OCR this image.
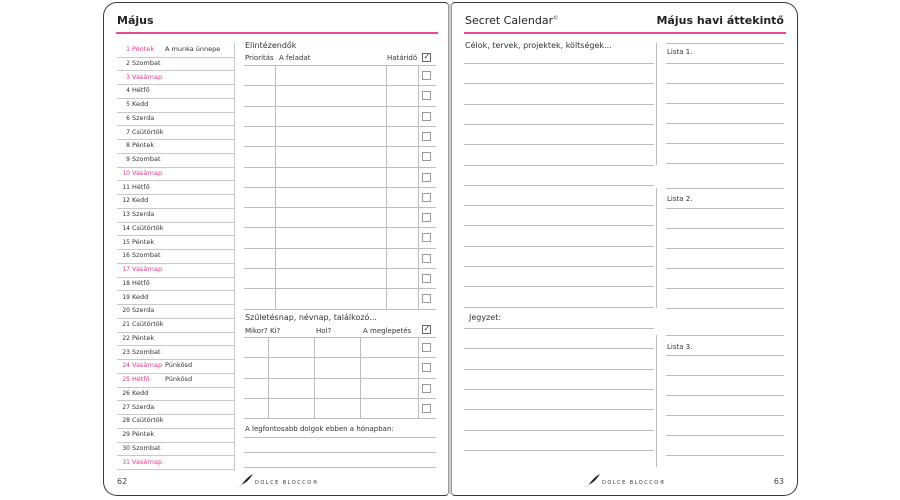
Május
1 Péntek A munka ünnepe
2 Szombat
3 Vasárnap
4 Hétfő
5 Kedd
6 Szerda
7 Csütörtök
8 Péntek
9 Szombat
10 Vasárnap
11 Hétfő
12 Kedd
13 Szerda
14 Csütörtök
15 Péntek
16 Szombat
17 Vasárnap
18 Hétfő
19 Kedd
20 Szerda
21 Csütörtök
22 Péntek
23 Szombat
24 Vasárnap Pünkösd
25 Hétfő Pünkösd
26 Kedd
27 Szerda
28 Csütörtök
29 Péntek
30 Szombat
31 Vasárnap
Elintézendők
Prioritás A feladat	Határidő ✓
Születésnap, névnap, találkozó...
Mikor? Ki?	Hol?	A meglepetés ✓
A legfontosabb dolgok ebben a hónapban:
62	DOLCE BLOCCO®
Secret Calendar©	Május havi áttekintő
Célok, tervek, projektek, költségek...
Jegyzet:
Lista 1.
Lista 2.
Lista 3.
DOLCE BLOCCO®	63
